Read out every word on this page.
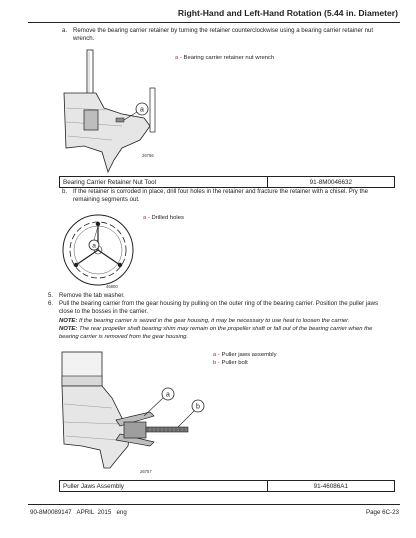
Right-Hand and Left-Hand Rotation (5.44 in. Diameter)
a. Remove the bearing carrier retainer by turning the retainer counterclockwise using a bearing carrier retainer nut
wrench.
a
26756
a - Bearing carrier retainer nut wrench
Bearing Carrier Retainer Nut Tool	91-8M0046632
b. If the retainer is corroded in place, drill four holes in the retainer and fracture the retainer with a chisel. Pry the
remaining segments out.
a
46800
a - Drilled holes
5. Remove the tab washer.
6. Pull the bearing carrier from the gear housing by pulling on the outer ring of the bearing carrier. Position the puller jaws
close to the bosses in the carrier.
NOTE: If the bearing carrier is seized in the gear housing, it may be necessary to use heat to loosen the carrier.
NOTE: The rear propeller shaft bearing shim may remain on the propeller shaft or fall out of the bearing carrier when the
bearing carrier is removed from the gear housing.
a
b
26757
a - Puller jaws assembly
b - Puller bolt
Puller Jaws Assembly	91-46086A1
90-8M0089147   APRIL  2015   eng	Page 6C-23
